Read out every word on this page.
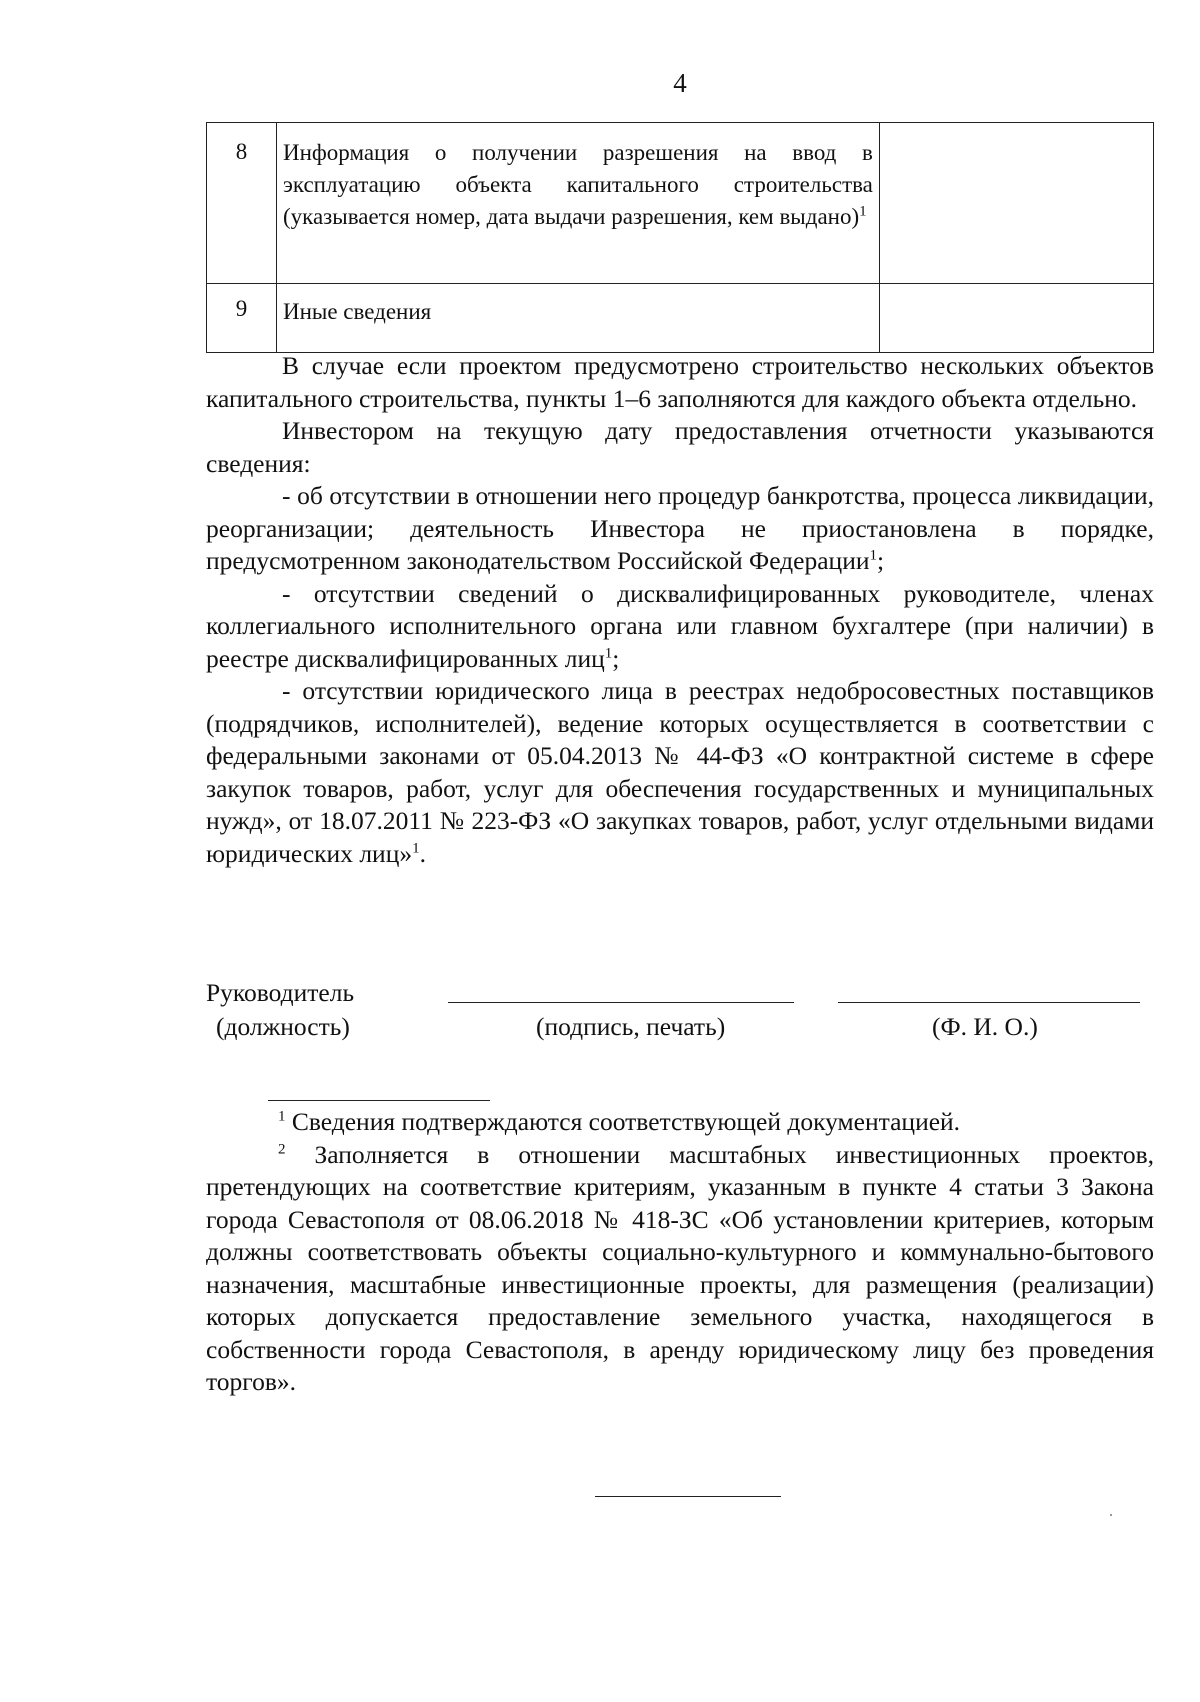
4
8	Информация о получении разрешения на ввод в эксплуатацию объекта капитального строительства (указывается номер, дата выдачи разрешения, кем выдано)$^1$	
9	Иные сведения	

В случае если проектом предусмотрено строительство нескольких объектов капитального строительства, пункты 1–6 заполняются для каждого объекта отдельно.

Инвестором на текущую дату предоставления отчетности указываются сведения:

- об отсутствии в отношении него процедур банкротства, процесса ликвидации, реорганизации; деятельность Инвестора не приостановлена в порядке, предусмотренном законодательством Российской Федерации$^1$;

- отсутствии сведений о дисквалифицированных руководителе, членах коллегиального исполнительного органа или главном бухгалтере (при наличии) в реестре дисквалифицированных лиц$^1$;

- отсутствии юридического лица в реестрах недобросовестных поставщиков (подрядчиков, исполнителей), ведение которых осуществляется в соответствии с федеральными законами от 05.04.2013 № 44-ФЗ «О контрактной системе в сфере закупок товаров, работ, услуг для обеспечения государственных и муниципальных нужд», от 18.07.2011 № 223-ФЗ «О закупках товаров, работ, услуг отдельными видами юридических лиц»$^1$.

Руководитель
(должность)	(подпись, печать)	(Ф. И. О.)

$^1$ Сведения подтверждаются соответствующей документацией.

$^2$ Заполняется в отношении масштабных инвестиционных проектов, претендующих на соответствие критериям, указанным в пункте 4 статьи 3 Закона города Севастополя от 08.06.2018 № 418-ЗС «Об установлении критериев, которым должны соответствовать объекты социально-культурного и коммунально-бытового назначения, масштабные инвестиционные проекты, для размещения (реализации) которых допускается предоставление земельного участка, находящегося в собственности города Севастополя, в аренду юридическому лицу без проведения торгов».
